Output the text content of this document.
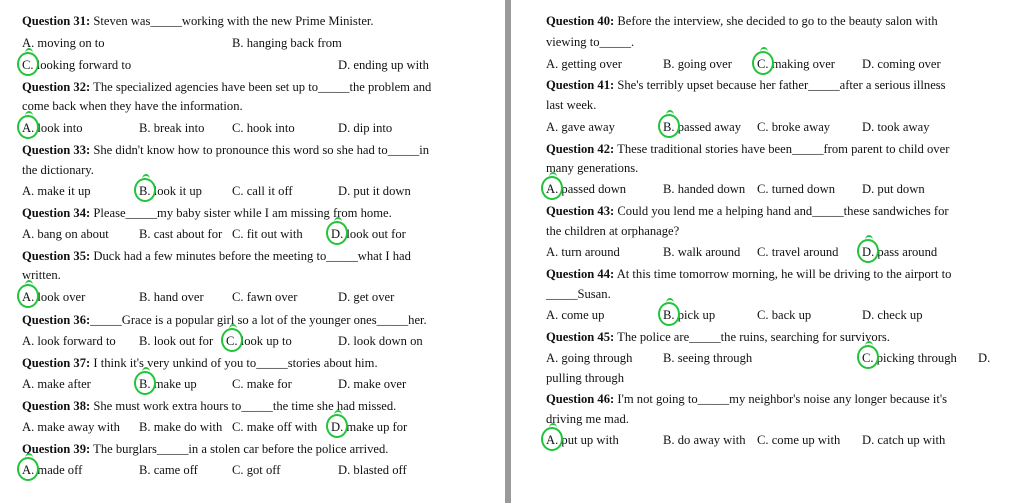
Question 31: Steven was_____working with the new Prime Minister.
A. moving on to	B. hanging back from
C. looking forward to	D. ending up with
Question 32: The specialized agencies have been set up to_____the problem and
come back when they have the information.
A. look into	B. break into C. hook into	D. dip into
Question 33: She didn't know how to pronounce this word so she had to_____in
the dictionary.
A. make it up	B. look it up C. call it off	D. put it down
Question 34: Please_____my baby sister while I am missing from home.
A. bang on about B. cast about for C. fit out with D. look out for
Question 35: Duck had a few minutes before the meeting to_____what I had
written.
A. look over	B. hand over C. fawn over	D. get over
Question 36:_____Grace is a popular girl so a lot of the younger ones_____her.
A. look forward to B. look out for C. look up to	D. look down on
Question 37: I think it's very unkind of you to_____stories about him.
A. make after	B. make up	C. make for	D. make over
Question 38: She must work extra hours to_____the time she had missed.
A. make away with B. make do with C. make off with D. make up for
Question 39: The burglars_____in a stolen car before the police arrived.
A. made off	B. came off	C. got off	D. blasted off
Question 40: Before the interview, she decided to go to the beauty salon with
viewing to_____.
A. getting over	B. going over C. making over D. coming over
Question 41: She's terribly upset because her father_____after a serious illness
last week.
A. gave away	B. passed away C. broke away	D. took away
Question 42: These traditional stories have been_____from parent to child over
many generations.
A. passed down	B. handed down C. turned down D. put down
Question 43: Could you lend me a helping hand and_____these sandwiches for
the children at orphanage?
A. turn around	B. walk around C. travel around D. pass around
Question 44: At this time tomorrow morning, he will be driving to the airport to
_____Susan.
A. come up	B. pick up	C. back up	D. check up
Question 45: The police are_____the ruins, searching for survivors.
A. going through B. seeing through	C. picking through D.
pulling through
Question 46: I'm not going to_____my neighbor's noise any longer because it's
driving me mad.
A. put up with	B. do away with C. come up with D. catch up with
